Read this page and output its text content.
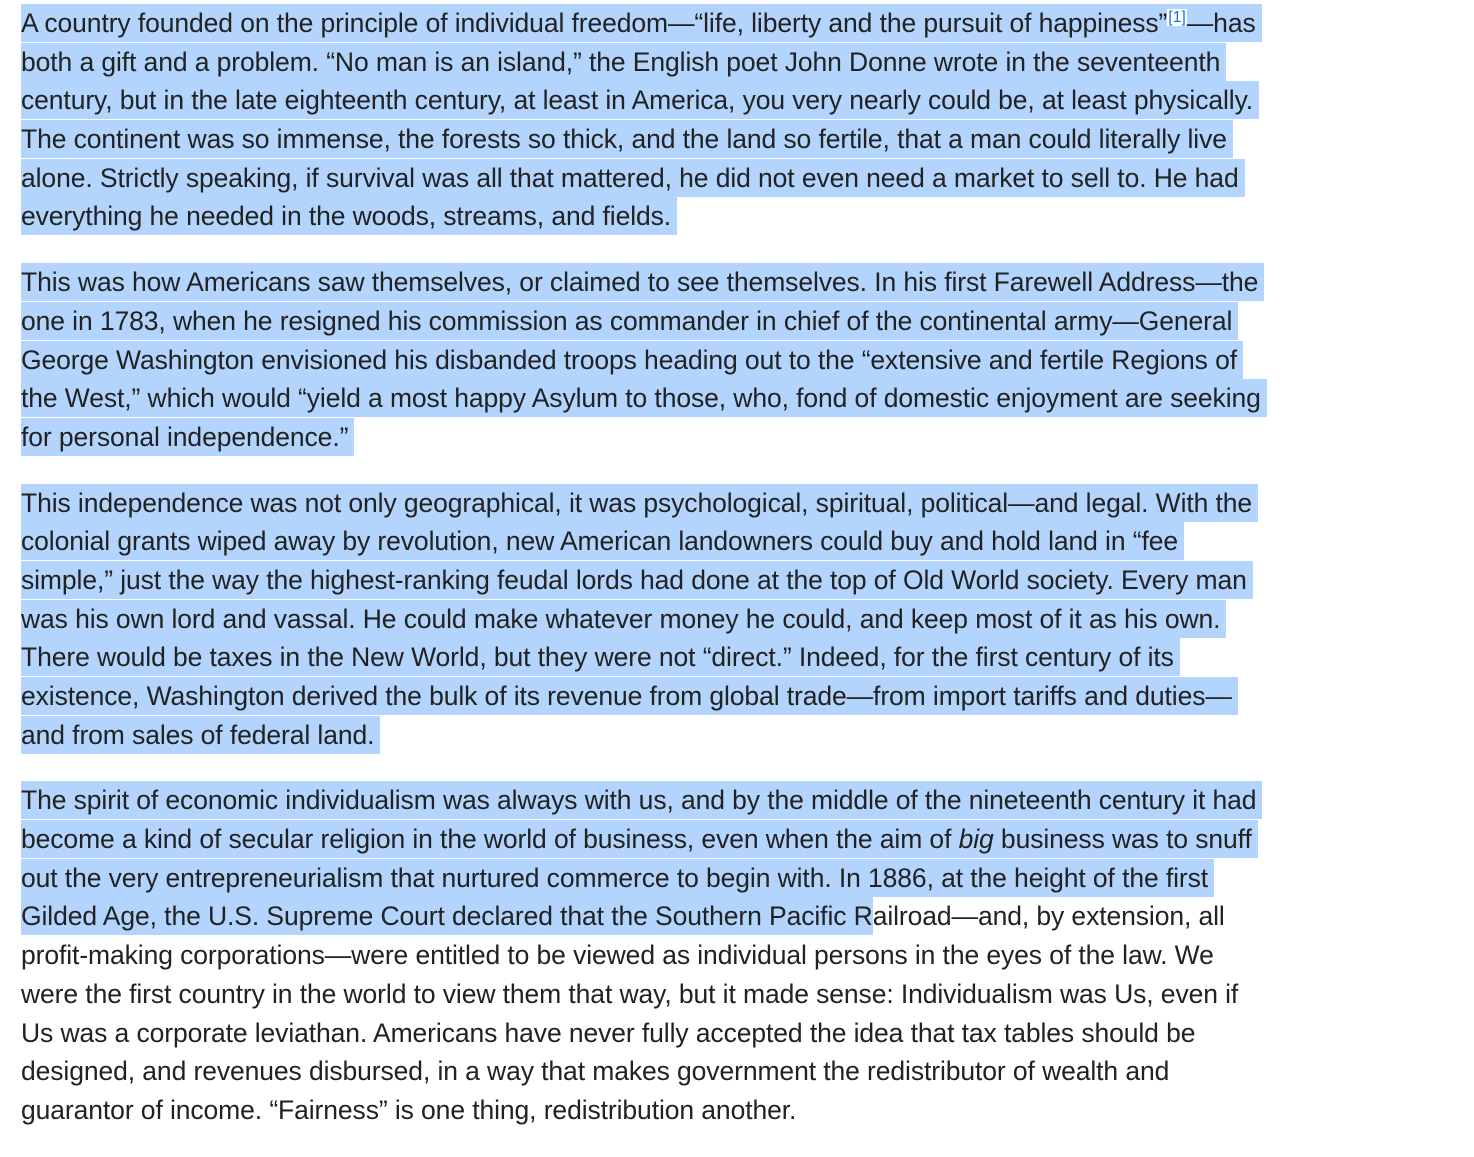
A country founded on the principle of individual freedom—“life, liberty and the pursuit of happiness”[1]—has
both a gift and a problem. “No man is an island,” the English poet John Donne wrote in the seventeenth
century, but in the late eighteenth century, at least in America, you very nearly could be, at least physically.
The continent was so immense, the forests so thick, and the land so fertile, that a man could literally live
alone. Strictly speaking, if survival was all that mattered, he did not even need a market to sell to. He had
everything he needed in the woods, streams, and fields.
This was how Americans saw themselves, or claimed to see themselves. In his first Farewell Address—the
one in 1783, when he resigned his commission as commander in chief of the continental army—General
George Washington envisioned his disbanded troops heading out to the “extensive and fertile Regions of
the West,” which would “yield a most happy Asylum to those, who, fond of domestic enjoyment are seeking
for personal independence.”
This independence was not only geographical, it was psychological, spiritual, political—and legal. With the
colonial grants wiped away by revolution, new American landowners could buy and hold land in “fee
simple,” just the way the highest-ranking feudal lords had done at the top of Old World society. Every man
was his own lord and vassal. He could make whatever money he could, and keep most of it as his own.
There would be taxes in the New World, but they were not “direct.” Indeed, for the first century of its
existence, Washington derived the bulk of its revenue from global trade—from import tariffs and duties—
and from sales of federal land.
The spirit of economic individualism was always with us, and by the middle of the nineteenth century it had
become a kind of secular religion in the world of business, even when the aim of big business was to snuff
out the very entrepreneurialism that nurtured commerce to begin with. In 1886, at the height of the first
Gilded Age, the U.S. Supreme Court declared that the Southern Pacific Railroad—and, by extension, all
profit-making corporations—were entitled to be viewed as individual persons in the eyes of the law. We
were the first country in the world to view them that way, but it made sense: Individualism was Us, even if
Us was a corporate leviathan. Americans have never fully accepted the idea that tax tables should be
designed, and revenues disbursed, in a way that makes government the redistributor of wealth and
guarantor of income. “Fairness” is one thing, redistribution another.
